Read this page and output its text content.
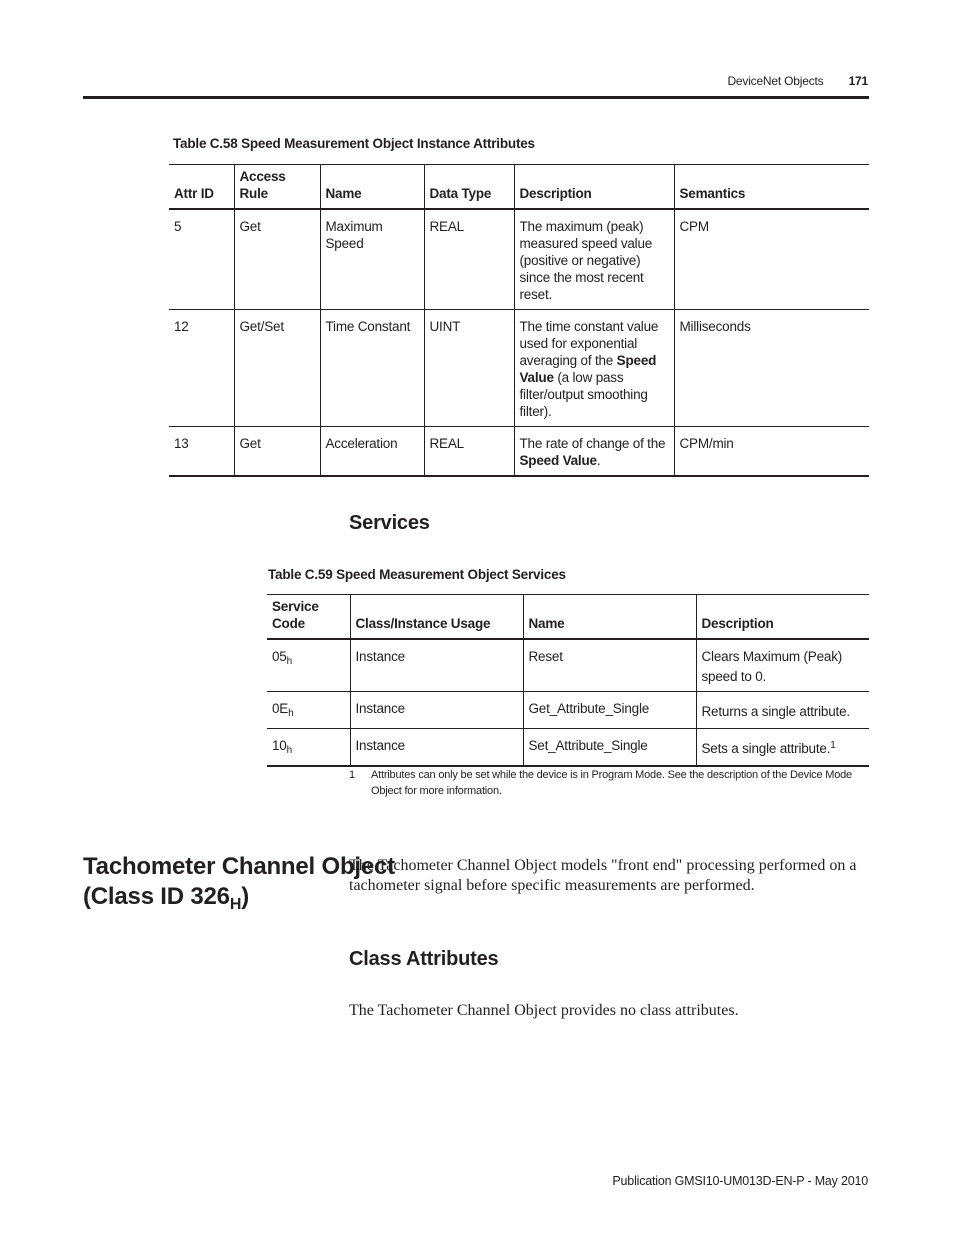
DeviceNet Objects 171
Table C.58 Speed Measurement Object Instance Attributes
Attr ID	Access Rule	Name	Data Type	Description	Semantics
5	Get	Maximum Speed	REAL	The maximum (peak) measured speed value (positive or negative) since the most recent reset.	CPM
12	Get/Set	Time Constant	UINT	The time constant value used for exponential averaging of the Speed Value (a low pass filter/output smoothing filter).	Milliseconds
13	Get	Acceleration	REAL	The rate of change of the Speed Value.	CPM/min
Services
Table C.59 Speed Measurement Object Services
Service Code	Class/Instance Usage	Name	Description
$05_h$	Instance	Reset	Clears Maximum (Peak) speed to 0.
$0E_h$	Instance	Get_Attribute_Single	Returns a single attribute.
$10_h$	Instance	Set_Attribute_Single	Sets a single attribute.$^1$
1 Attributes can only be set while the device is in Program Mode. See the description of the Device Mode Object for more information.
Tachometer Channel Object
(Class ID $326_H$)
The Tachometer Channel Object models "front end" processing performed on a tachometer signal before specific measurements are performed.
Class Attributes
The Tachometer Channel Object provides no class attributes.
Publication GMSI10-UM013D-EN-P - May 2010
